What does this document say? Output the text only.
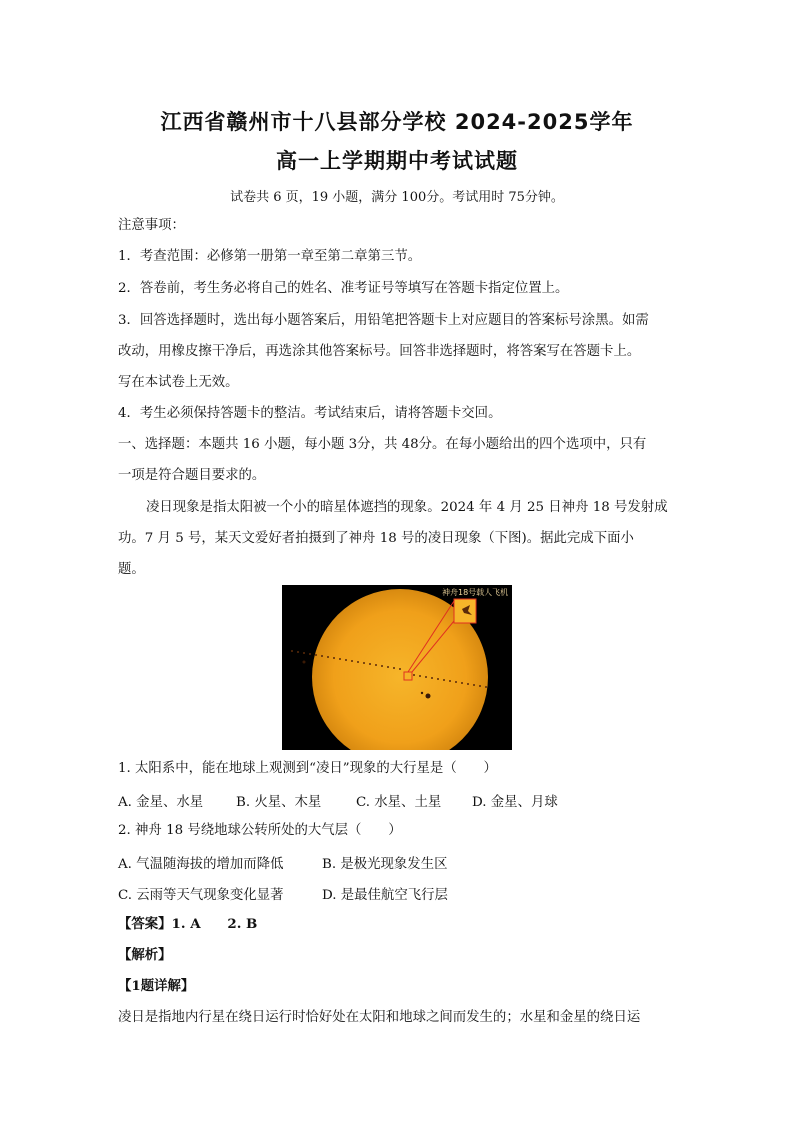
江西省赣州市十八县部分学校 2024-2025学年
高一上学期期中考试试题
试卷共 6 页，19 小题，满分 100分。考试用时 75分钟。
注意事项：
1．考查范围：必修第一册第一章至第二章第三节。
2．答卷前，考生务必将自己的姓名、准考证号等填写在答题卡指定位置上。
3．回答选择题时，选出每小题答案后，用铅笔把答题卡上对应题目的答案标号涂黑。如需
改动，用橡皮擦干净后，再选涂其他答案标号。回答非选择题时，将答案写在答题卡上。
写在本试卷上无效。
4．考生必须保持答题卡的整洁。考试结束后，请将答题卡交回。
一、选择题：本题共 16 小题，每小题 3分，共 48分。在每小题给出的四个选项中，只有
一项是符合题目要求的。
凌日现象是指太阳被一个小的暗星体遮挡的现象。2024 年 4 月 25 日神舟 18 号发射成
功。7 月 5 号，某天文爱好者拍摄到了神舟 18 号的凌日现象（下图)。据此完成下面小
题。
神舟18号载人飞机
1. 太阳系中，能在地球上观测到“凌日”现象的大行星是（　　）
A. 金星、水星 B. 火星、木星	C. 水星、土星 D. 金星、月球
2. 神舟 18 号绕地球公转所处的大气层（　　）
A. 气温随海拔的增加而降低	B. 是极光现象发生区
C. 云雨等天气现象变化显著	D. 是最佳航空飞行层
【答案】1. A　　2. B
【解析】
【1题详解】
凌日是指地内行星在绕日运行时恰好处在太阳和地球之间而发生的；水星和金星的绕日运
